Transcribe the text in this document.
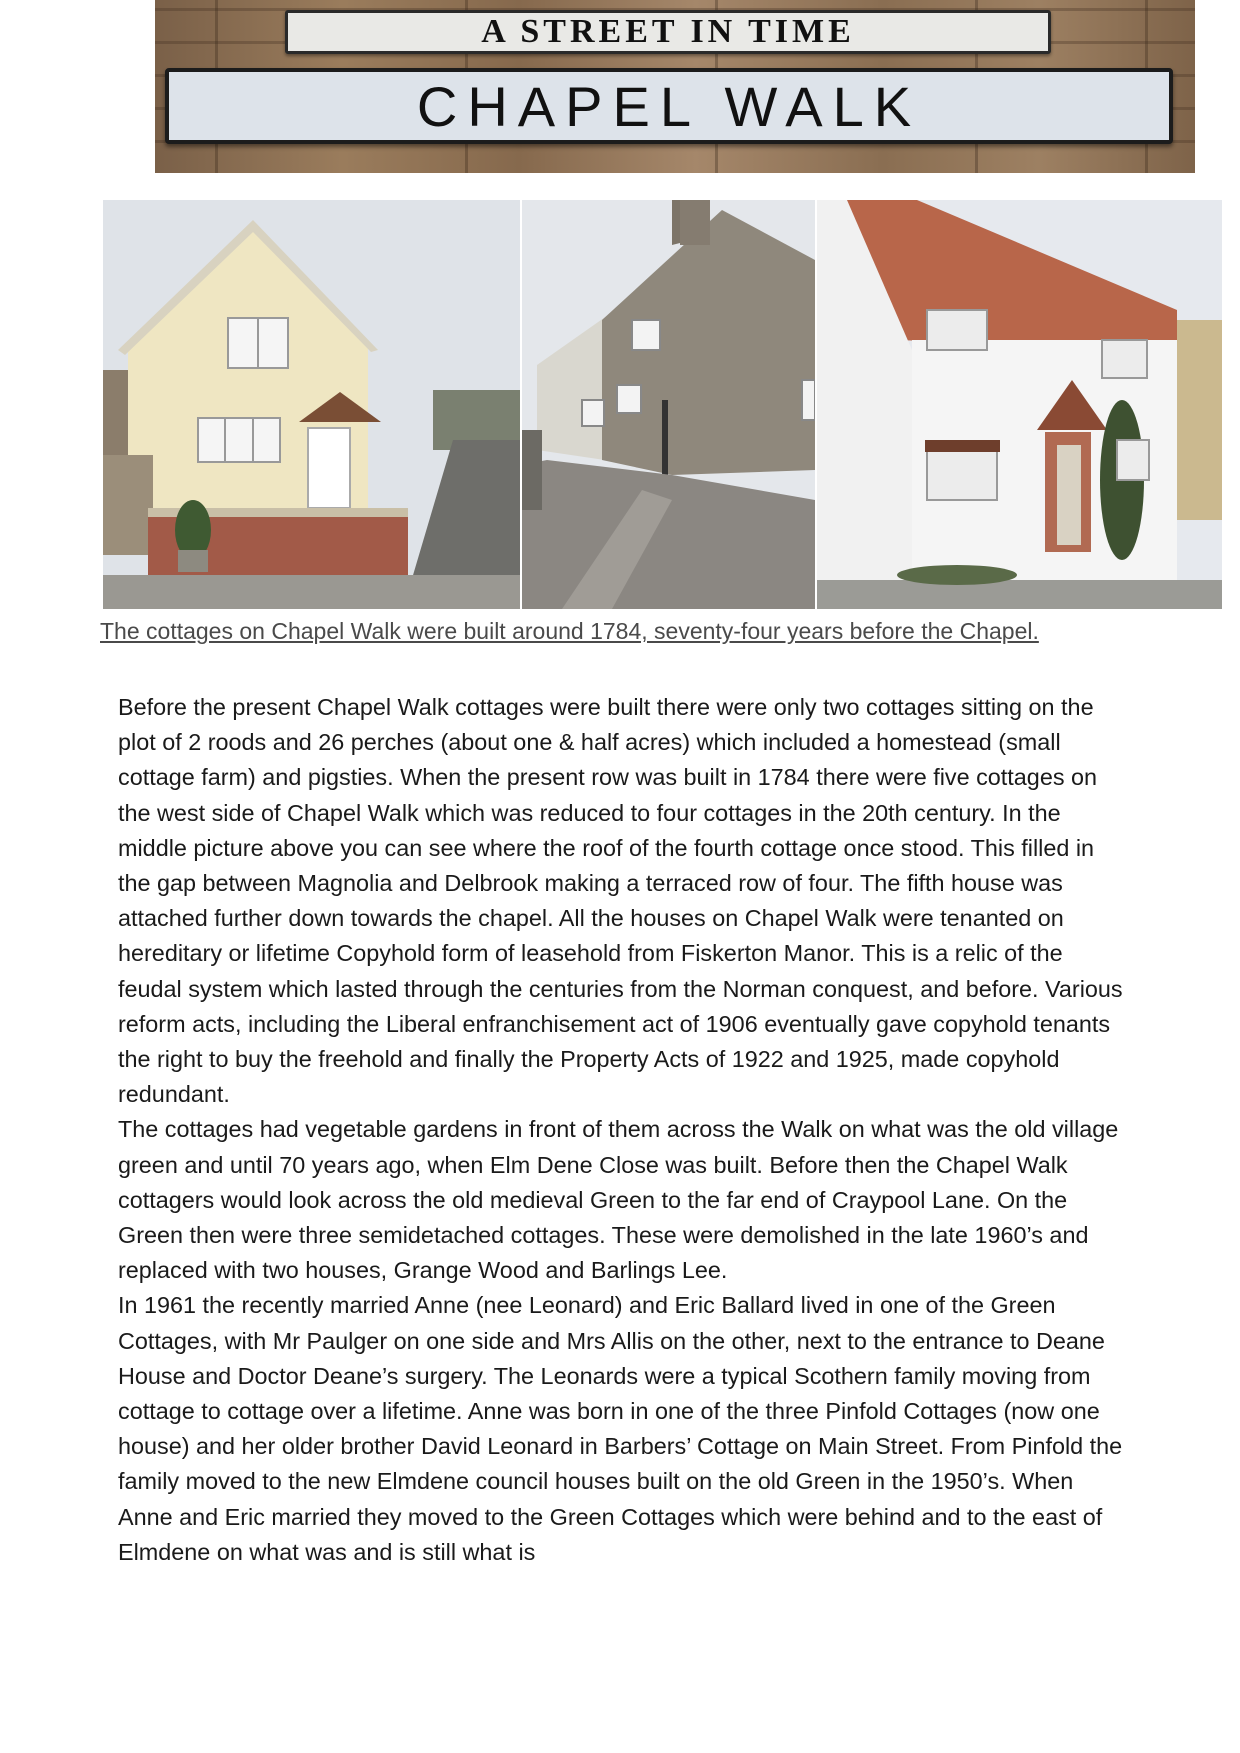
A STREET IN TIME
CHAPEL WALK
The cottages on Chapel Walk were built around 1784, seventy-four years before the Chapel.

Before the present Chapel Walk cottages were built there were only two cottages sitting on the plot of 2 roods and 26 perches (about one & half acres) which included a homestead (small cottage farm) and pigsties. When the present row was built in 1784 there were five cottages on the west side of Chapel Walk which was reduced to four cottages in the 20th century. In the middle picture above you can see where the roof of the fourth cottage once stood. This filled in the gap between Magnolia and Delbrook making a terraced row of four. The fifth house was attached further down towards the chapel. All the houses on Chapel Walk were tenanted on hereditary or lifetime Copyhold form of leasehold from Fiskerton Manor. This is a relic of the feudal system which lasted through the centuries from the Norman conquest, and before. Various reform acts, including the Liberal enfranchisement act of 1906 eventually gave copyhold tenants the right to buy the freehold and finally the Property Acts of 1922 and 1925, made copyhold redundant.

The cottages had vegetable gardens in front of them across the Walk on what was the old village green and until 70 years ago, when Elm Dene Close was built. Before then the Chapel Walk cottagers would look across the old medieval Green to the far end of Craypool Lane. On the Green then were three semidetached cottages. These were demolished in the late 1960’s and replaced with two houses, Grange Wood and Barlings Lee.

In 1961 the recently married Anne (nee Leonard) and Eric Ballard lived in one of the Green Cottages, with Mr Paulger on one side and Mrs Allis on the other, next to the entrance to Deane House and Doctor Deane’s surgery. The Leonards were a typical Scothern family moving from cottage to cottage over a lifetime. Anne was born in one of the three Pinfold Cottages (now one house) and her older brother David Leonard in Barbers’ Cottage on Main Street. From Pinfold the family moved to the new Elmdene council houses built on the old Green in the 1950’s. When Anne and Eric married they moved to the Green Cottages which were behind and to the east of Elmdene on what was and is still what is
